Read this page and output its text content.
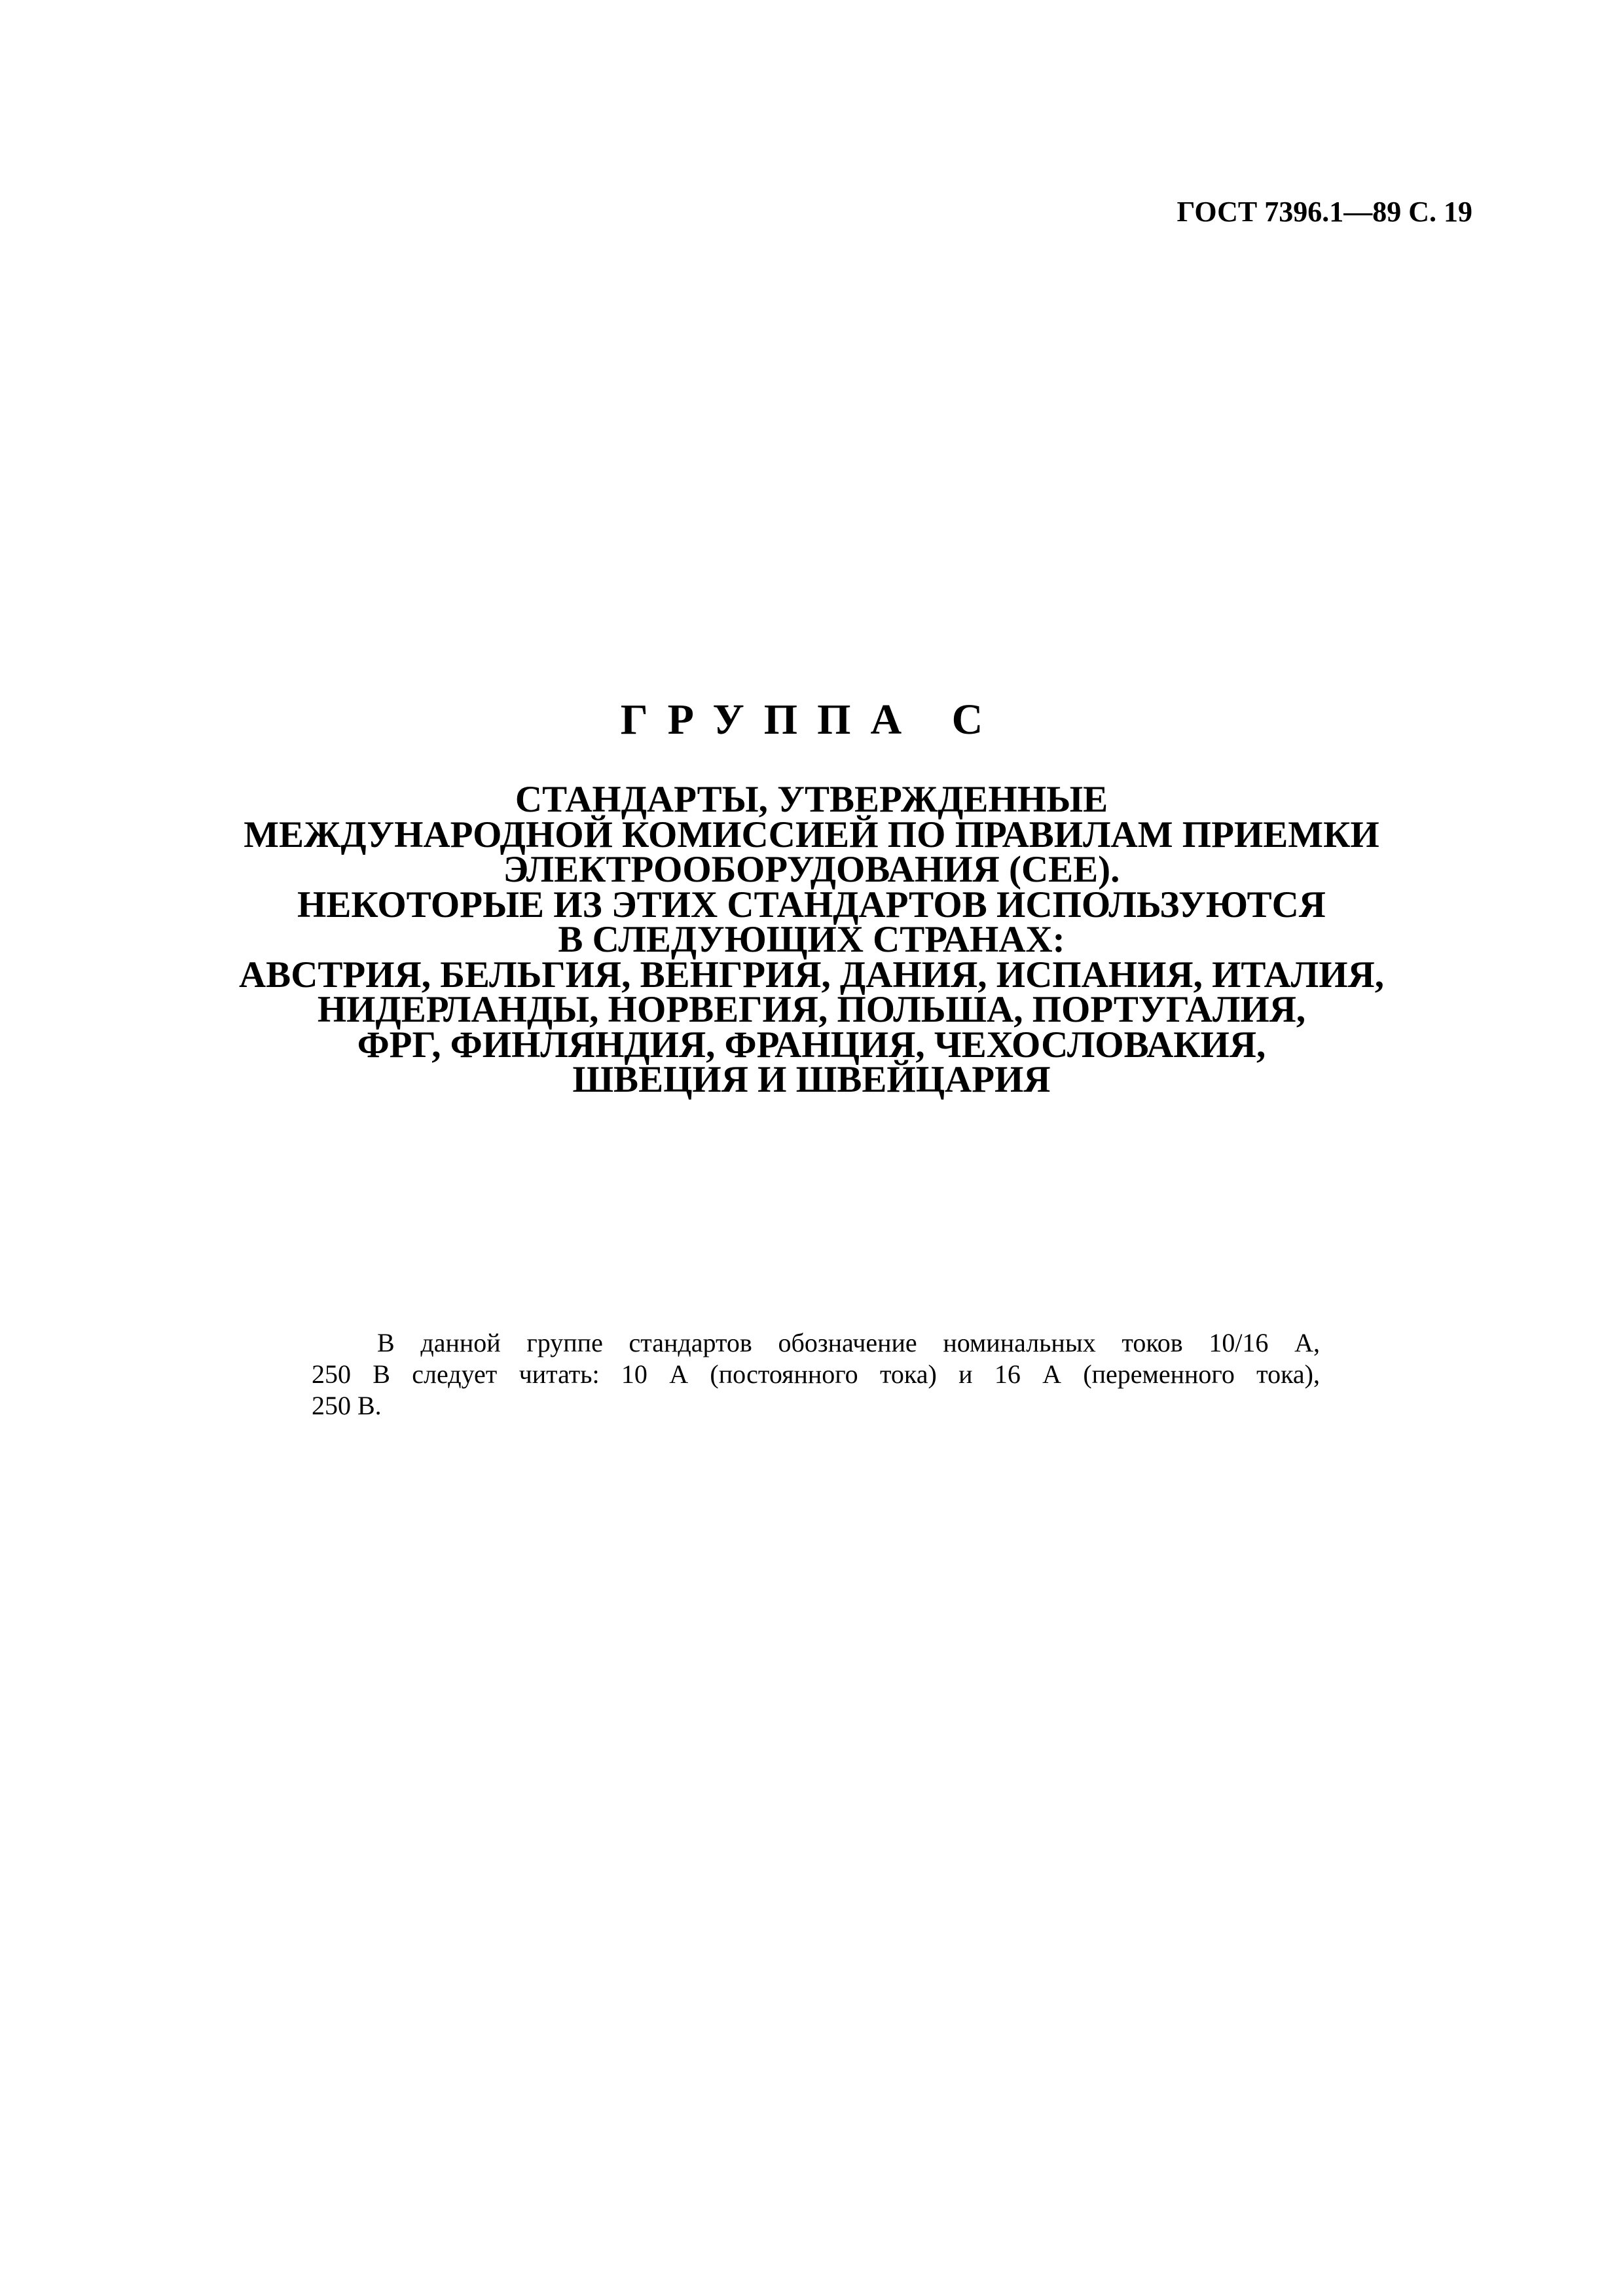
ГОСТ 7396.1—89 С. 19
ГРУППА С
СТАНДАРТЫ, УТВЕРЖДЕННЫЕ
МЕЖДУНАРОДНОЙ КОМИССИЕЙ ПО ПРАВИЛАМ ПРИЕМКИ
ЭЛЕКТРООБОРУДОВАНИЯ (СЕЕ).
НЕКОТОРЫЕ ИЗ ЭТИХ СТАНДАРТОВ ИСПОЛЬЗУЮТСЯ
В СЛЕДУЮЩИХ СТРАНАХ:
АВСТРИЯ, БЕЛЬГИЯ, ВЕНГРИЯ, ДАНИЯ, ИСПАНИЯ, ИТАЛИЯ,
НИДЕРЛАНДЫ, НОРВЕГИЯ, ПОЛЬША, ПОРТУГАЛИЯ,
ФРГ, ФИНЛЯНДИЯ, ФРАНЦИЯ, ЧЕХОСЛОВАКИЯ,
ШВЕЦИЯ И ШВЕЙЦАРИЯ
В данной группе стандартов обозначение номинальных токов 10/16 А,
250 В следует читать: 10 А (постоянного тока) и 16 А (переменного тока),
250 В.
